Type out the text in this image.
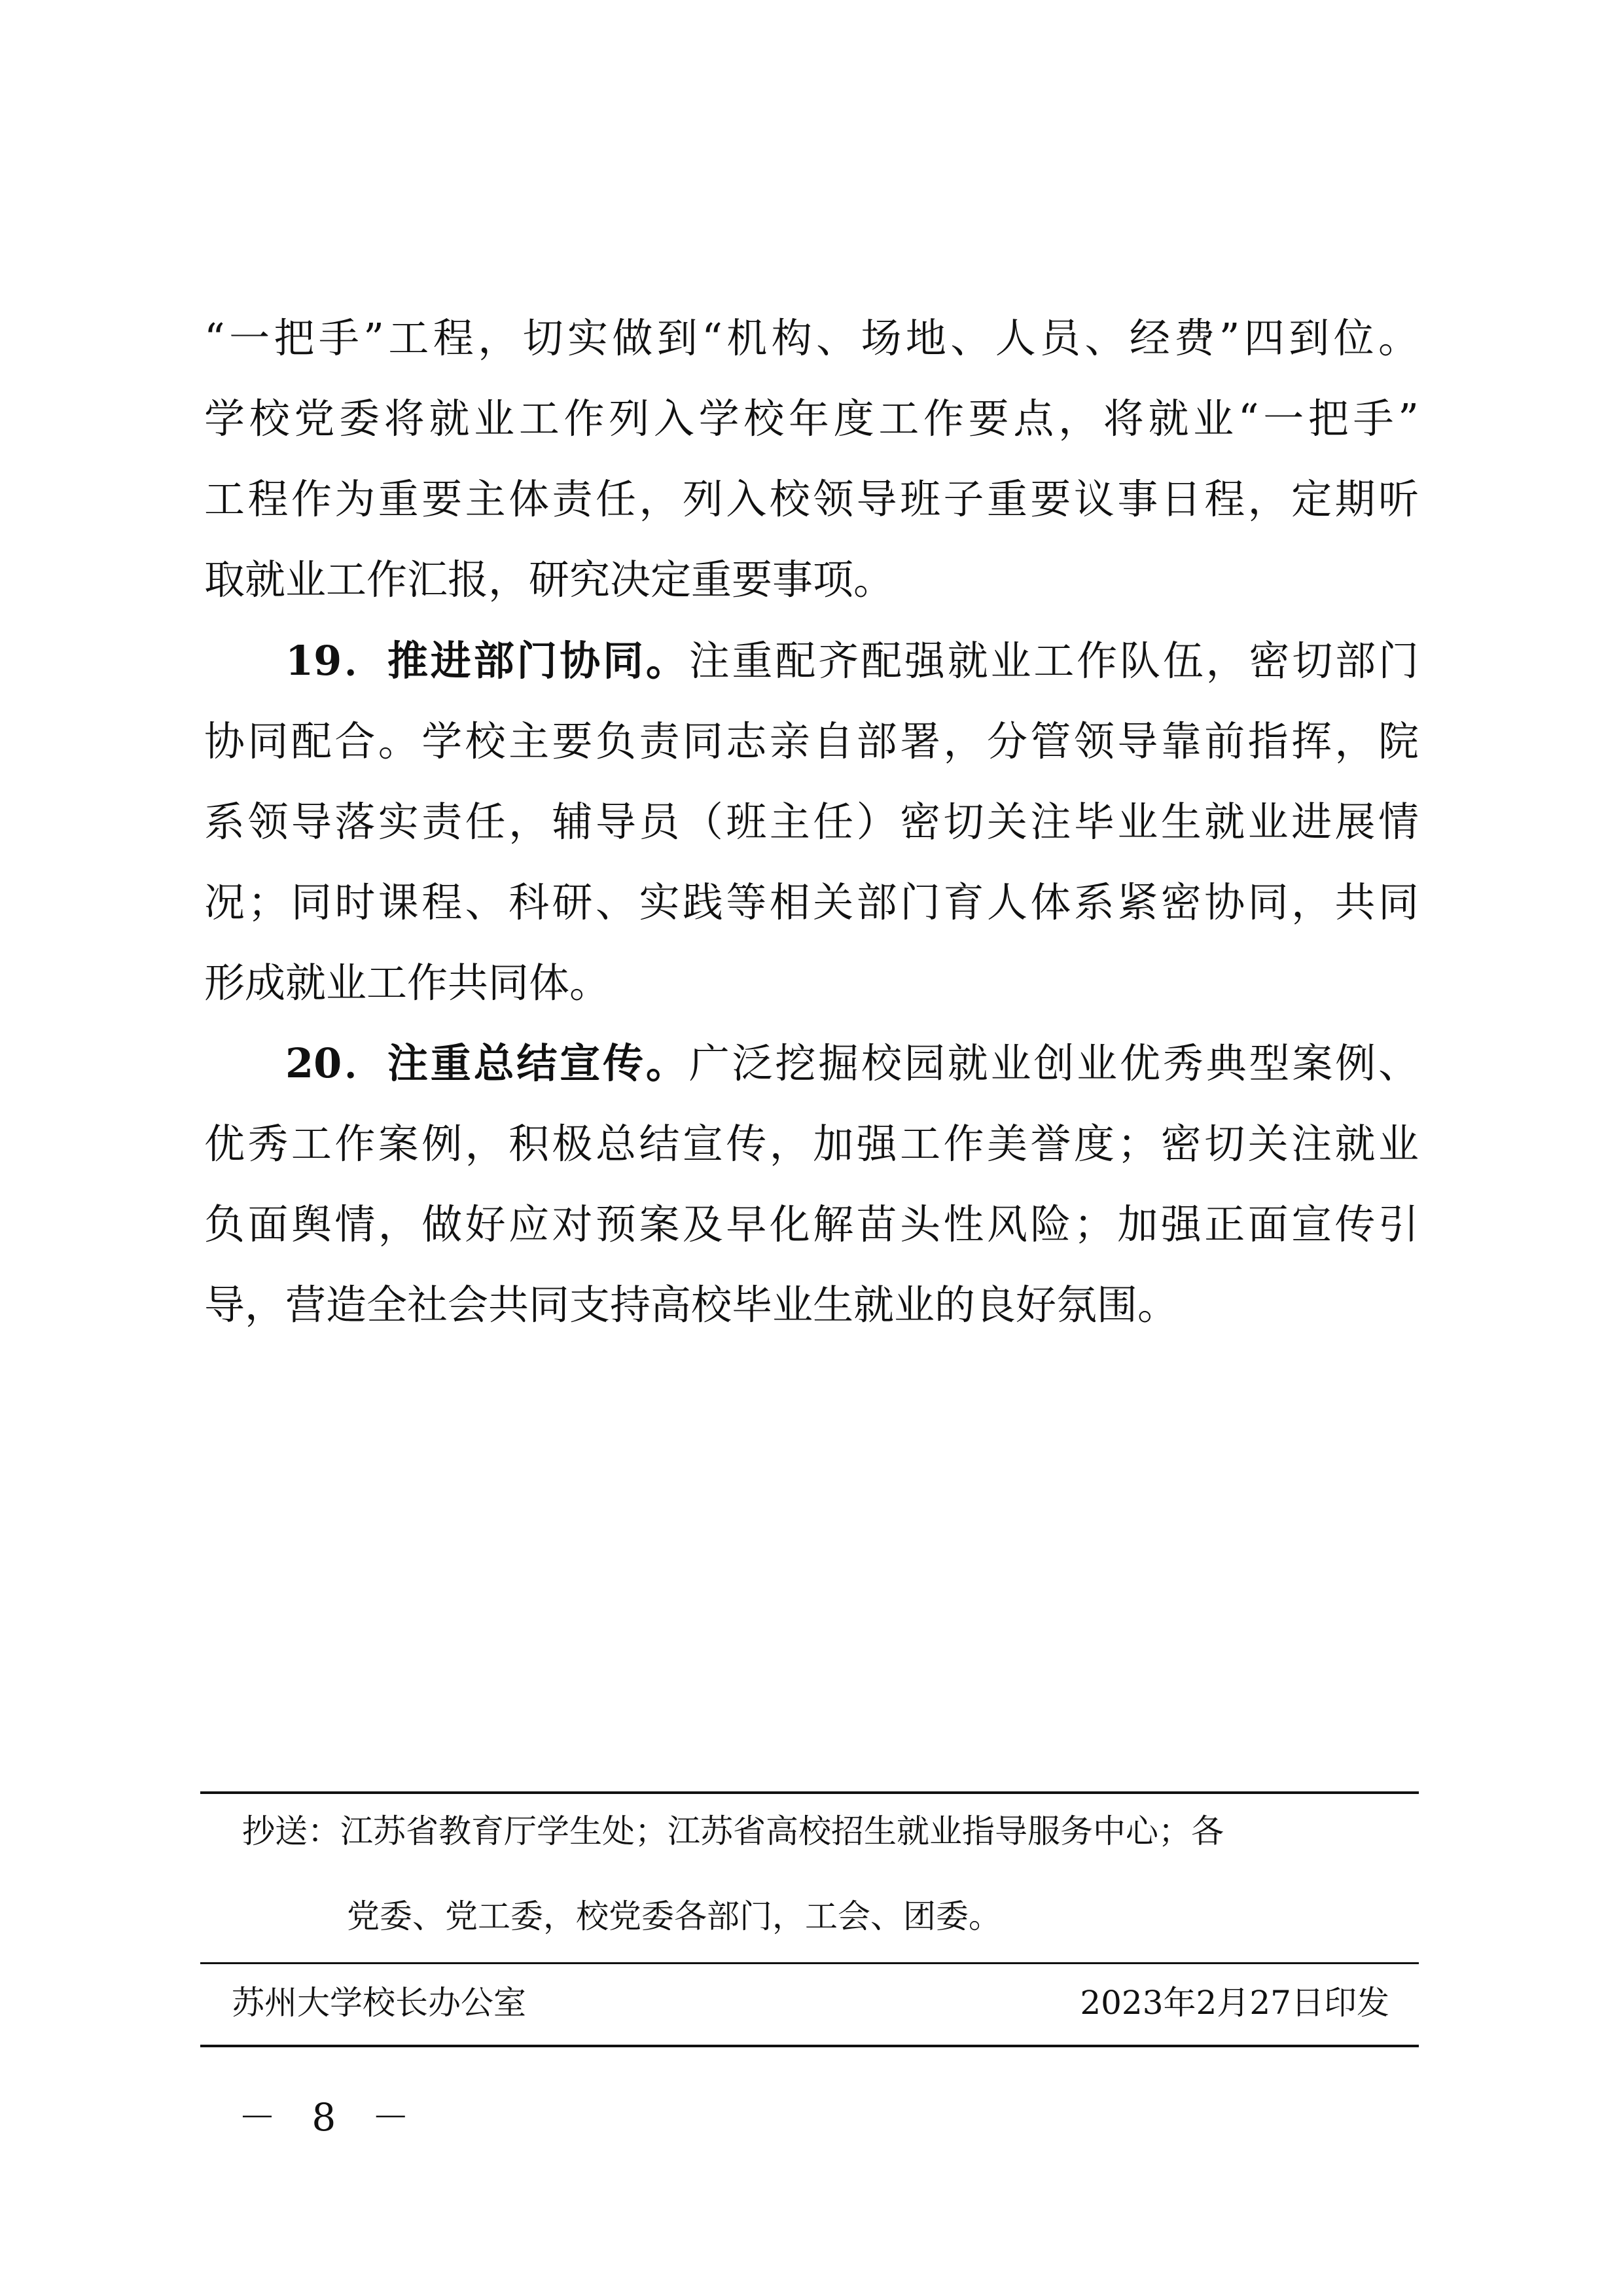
“一把手”工程，切实做到“机构、场地、人员、经费”四到位。
学校党委将就业工作列入学校年度工作要点，将就业“一把手”
工程作为重要主体责任，列入校领导班子重要议事日程，定期听
取就业工作汇报，研究决定重要事项。
19．推进部门协同。注重配齐配强就业工作队伍，密切部门
协同配合。学校主要负责同志亲自部署，分管领导靠前指挥，院
系领导落实责任，辅导员（班主任）密切关注毕业生就业进展情
况；同时课程、科研、实践等相关部门育人体系紧密协同，共同
形成就业工作共同体。
20．注重总结宣传。广泛挖掘校园就业创业优秀典型案例、
优秀工作案例，积极总结宣传，加强工作美誉度；密切关注就业
负面舆情，做好应对预案及早化解苗头性风险；加强正面宣传引
导，营造全社会共同支持高校毕业生就业的良好氛围。
抄送：江苏省教育厅学生处；江苏省高校招生就业指导服务中心；各
党委、党工委，校党委各部门，工会、团委。
苏州大学校长办公室	2023年2月27日印发
－ 8 －
